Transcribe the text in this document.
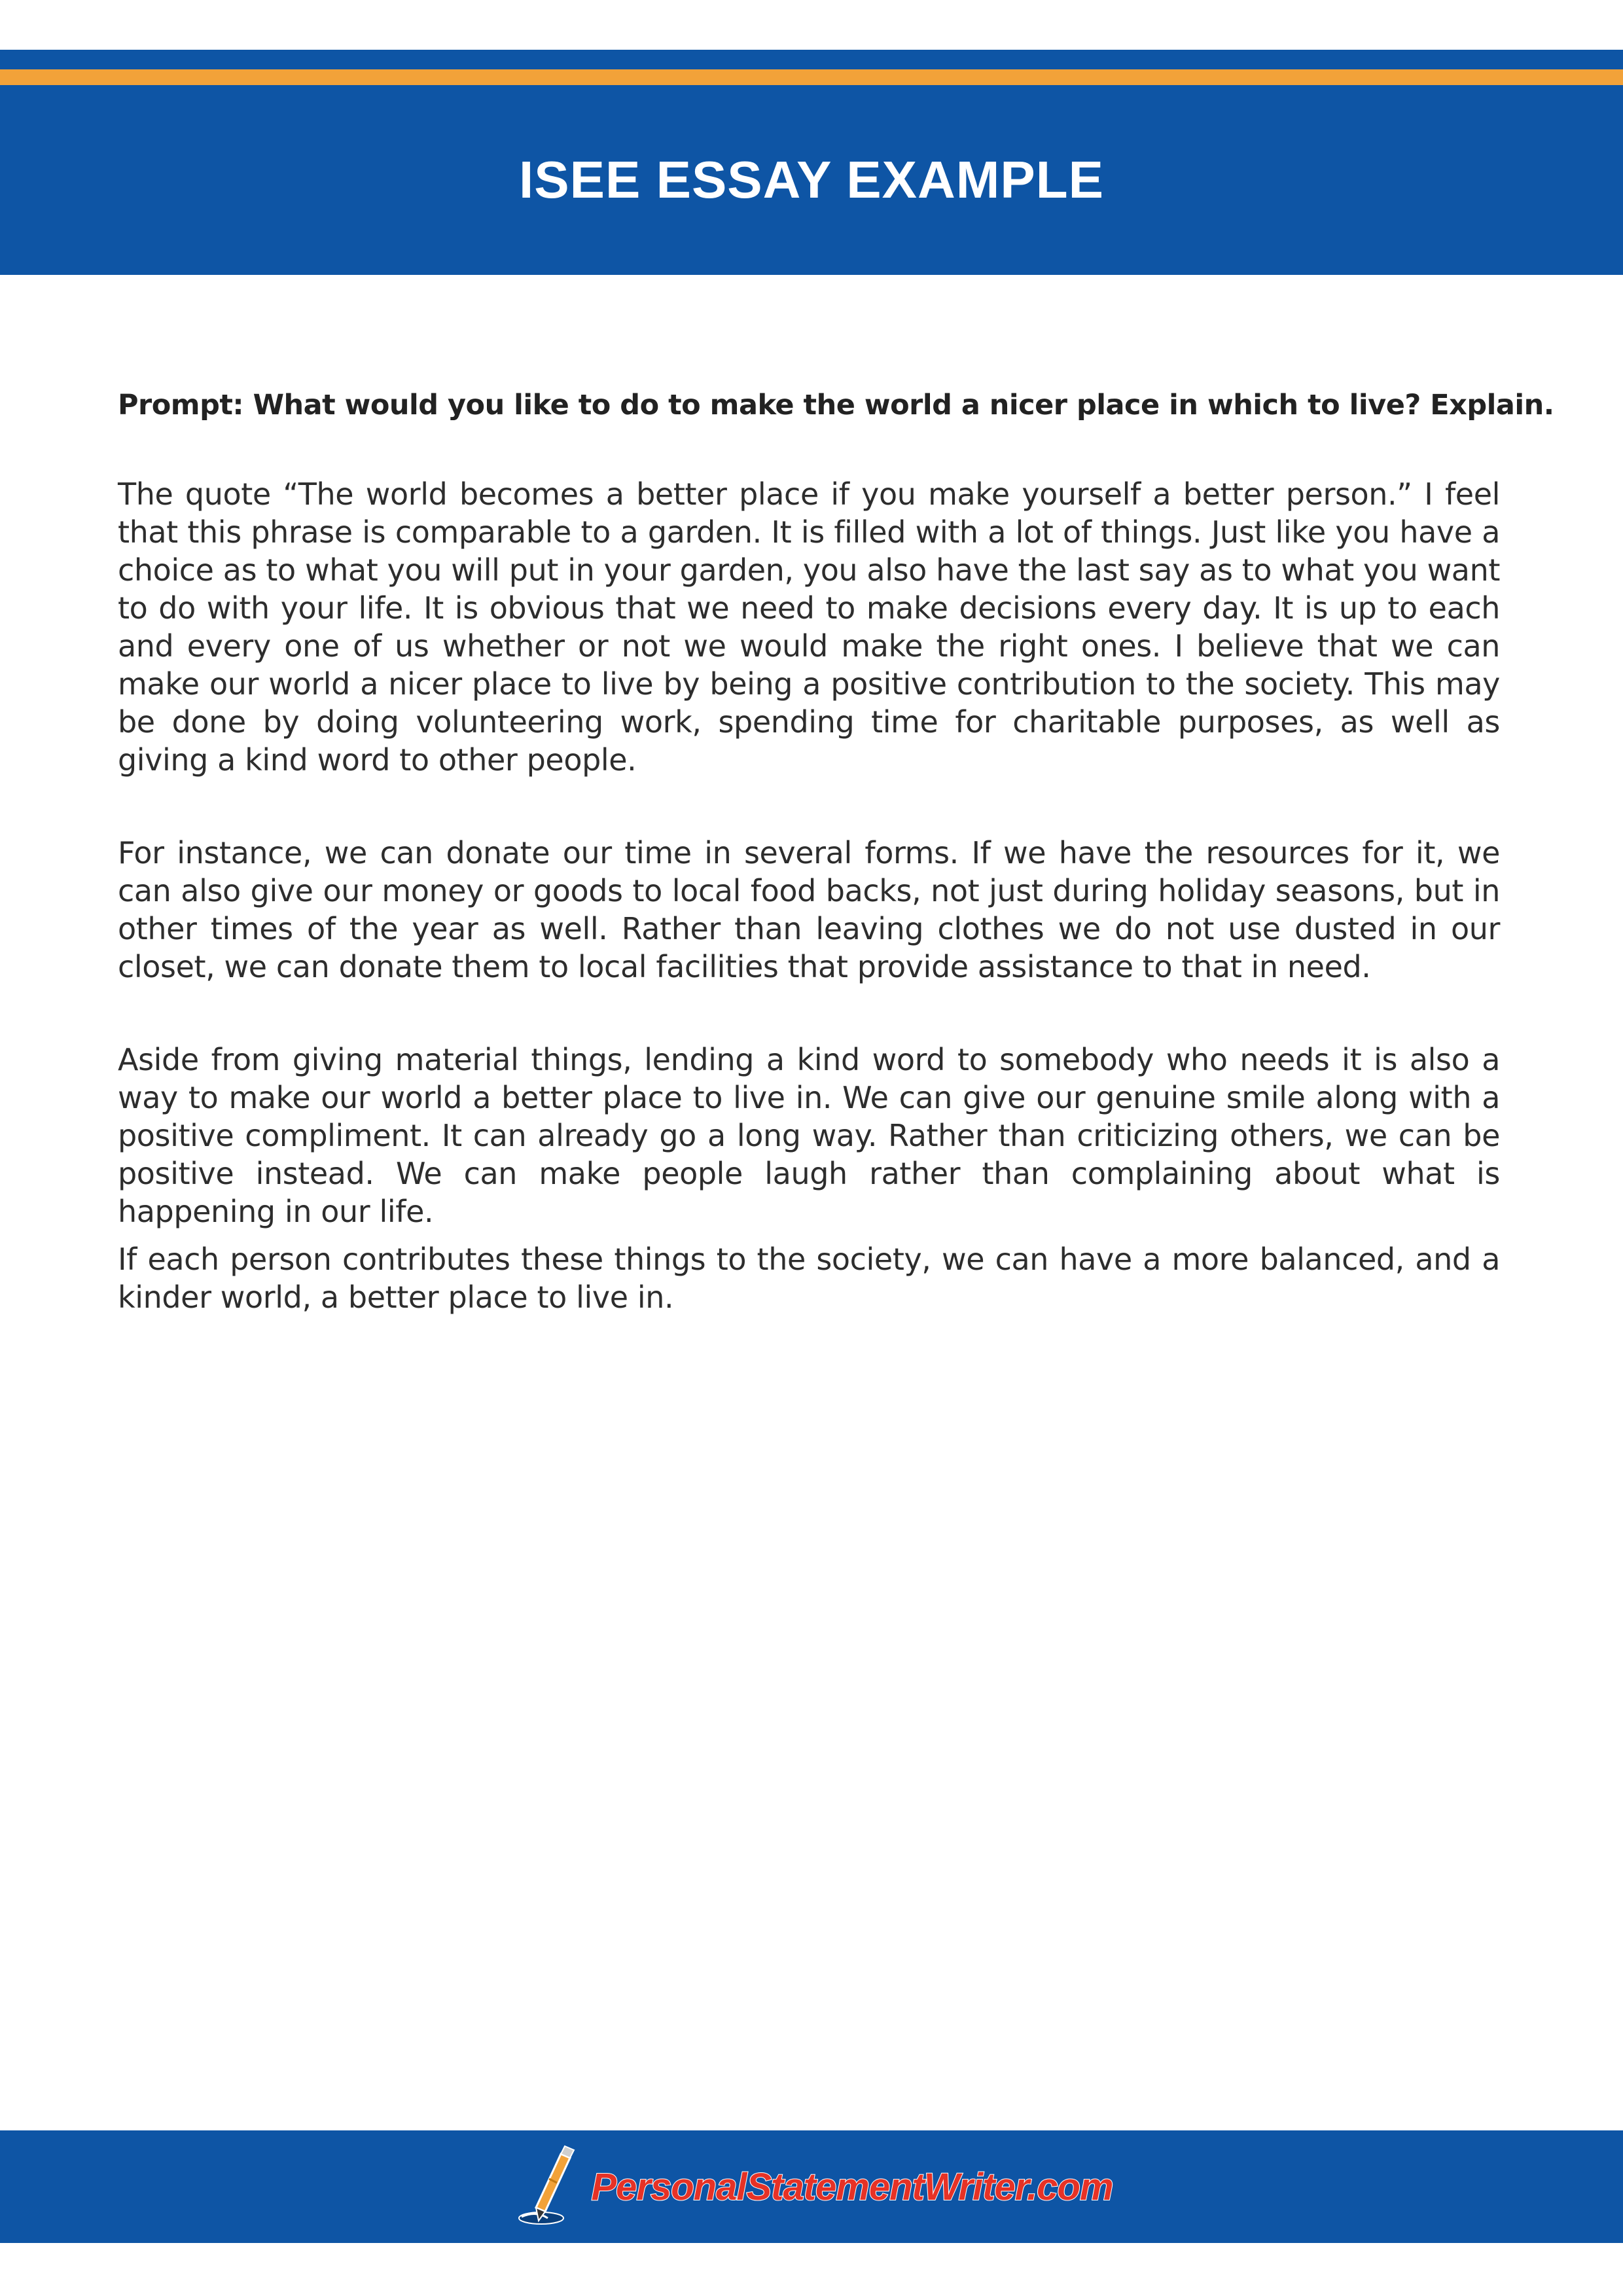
ISEE ESSAY EXAMPLE

Prompt: What would you like to do to make the world a nicer place in which to live? Explain.

The quote “The world becomes a better place if you make yourself a better person.” I feel that this phrase is comparable to a garden. It is filled with a lot of things. Just like you have a choice as to what you will put in your garden, you also have the last say as to what you want to do with your life. It is obvious that we need to make decisions every day. It is up to each and every one of us whether or not we would make the right ones. I believe that we can make our world a nicer place to live by being a positive contribution to the society. This may be done by doing volunteering work, spending time for charitable purposes, as well as giving a kind word to other people.

For instance, we can donate our time in several forms. If we have the resources for it, we can also give our money or goods to local food backs, not just during holiday seasons, but in other times of the year as well. Rather than leaving clothes we do not use dusted in our closet, we can donate them to local facilities that provide assistance to that in need.

Aside from giving material things, lending a kind word to somebody who needs it is also a way to make our world a better place to live in. We can give our genuine smile along with a positive compliment. It can already go a long way. Rather than criticizing others, we can be positive instead. We can make people laugh rather than complaining about what is happening in our life.

If each person contributes these things to the society, we can have a more balanced, and a kinder world, a better place to live in.

PersonalStatementWriter.com
